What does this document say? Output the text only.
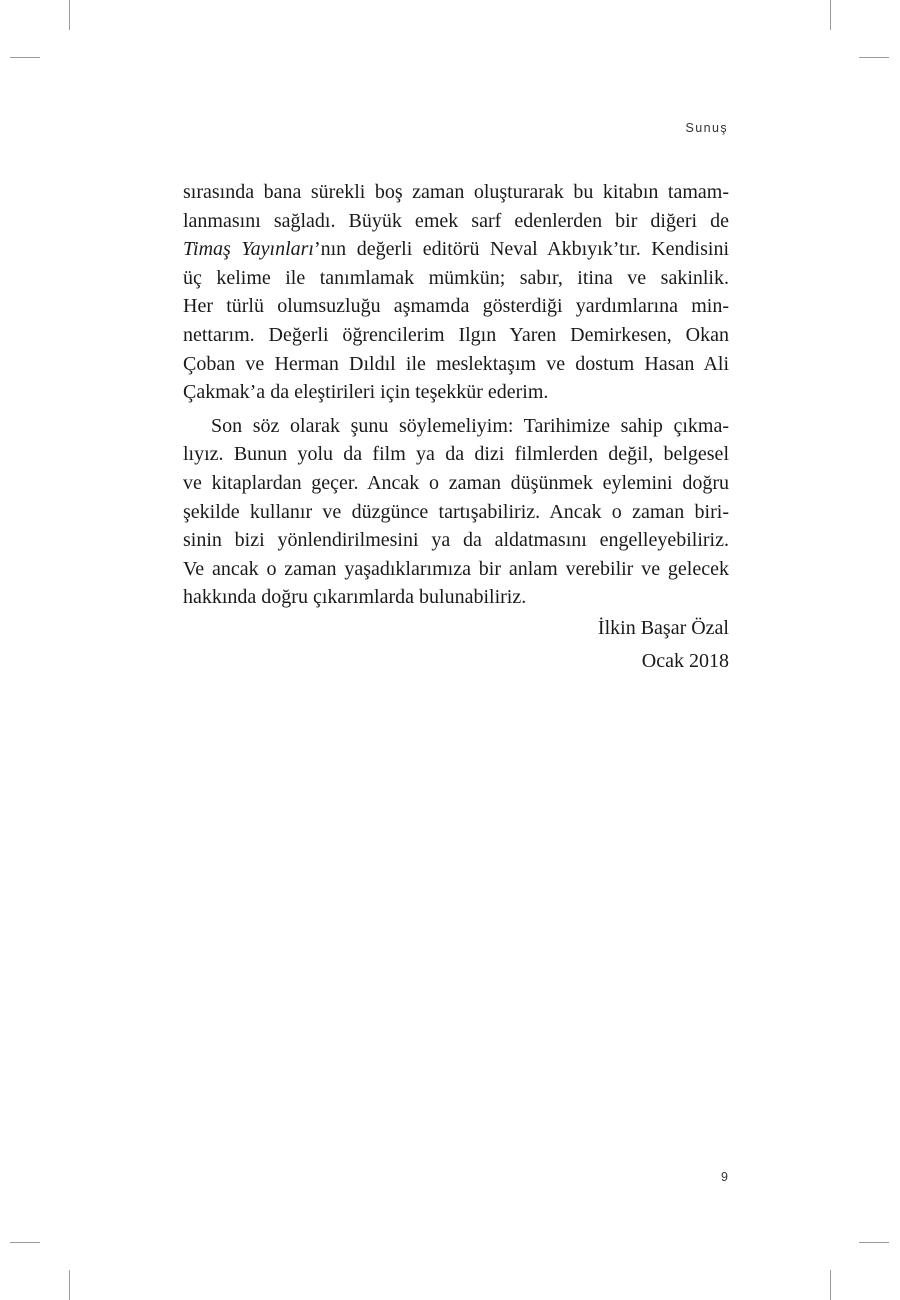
Sunuş
sırasında bana sürekli boş zaman oluşturarak bu kitabın tamam-
lanmasını sağladı. Büyük emek sarf edenlerden bir diğeri de
Timaş Yayınları’nın değerli editörü Neval Akbıyık’tır. Kendisini
üç kelime ile tanımlamak mümkün; sabır, itina ve sakinlik.
Her türlü olumsuzluğu aşmamda gösterdiği yardımlarına min-
nettarım. Değerli öğrencilerim Ilgın Yaren Demirkesen, Okan
Çoban ve Herman Dıldıl ile meslektaşım ve dostum Hasan Ali
Çakmak’a da eleştirileri için teşekkür ederim.
Son söz olarak şunu söylemeliyim: Tarihimize sahip çıkma-
lıyız. Bunun yolu da film ya da dizi filmlerden değil, belgesel
ve kitaplardan geçer. Ancak o zaman düşünmek eylemini doğru
şekilde kullanır ve düzgünce tartışabiliriz. Ancak o zaman biri-
sinin bizi yönlendirilmesini ya da aldatmasını engelleyebiliriz.
Ve ancak o zaman yaşadıklarımıza bir anlam verebilir ve gelecek
hakkında doğru çıkarımlarda bulunabiliriz.
İlkin Başar Özal
Ocak 2018
9
